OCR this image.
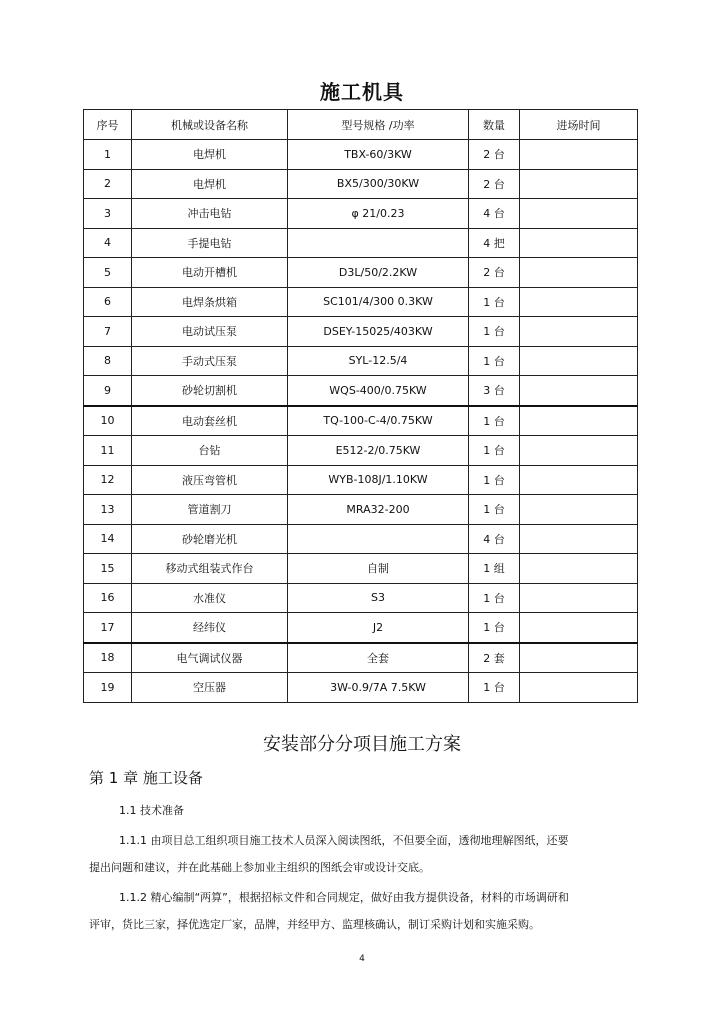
施工机具
序号	机械或设备名称	型号规格 /功率	数量	进场时间
1	电焊机	TBX-60/3KW	2 台	
2	电焊机	BX5/300/30KW	2 台	
3	冲击电钻	φ 21/0.23	4 台	
4	手提电钻		4 把	
5	电动开槽机	D3L/50/2.2KW	2 台	
6	电焊条烘箱	SC101/4/300 0.3KW	1 台	
7	电动试压泵	DSEY-15025/403KW	1 台	
8	手动式压泵	SYL-12.5/4	1 台	
9	砂轮切割机	WQS-400/0.75KW	3 台	
10	电动套丝机	TQ-100-C-4/0.75KW	1 台	
11	台钻	E512-2/0.75KW	1 台	
12	液压弯管机	WYB-108J/1.10KW	1 台	
13	管道割刀	MRA32-200	1 台	
14	砂轮磨光机		4 台	
15	移动式组装式作台	自制	1 组	
16	水准仪	S3	1 台	
17	经纬仪	J2	1 台	
18	电气调试仪器	全套	2 套	
19	空压器	3W-0.9/7A 7.5KW	1 台	
安装部分分项目施工方案
第 1 章 施工设备
1.1 技术准备
1.1.1 由项目总工组织项目施工技术人员深入阅读图纸，不但要全面，透彻地理解图纸，还要
提出问题和建议，并在此基础上参加业主组织的图纸会审或设计交底。
1.1.2 精心编制“两算”，根据招标文件和合同规定，做好由我方提供设备，材料的市场调研和
评审，货比三家，择优选定厂家，品牌，并经甲方、监理核确认，制订采购计划和实施采购。
4
